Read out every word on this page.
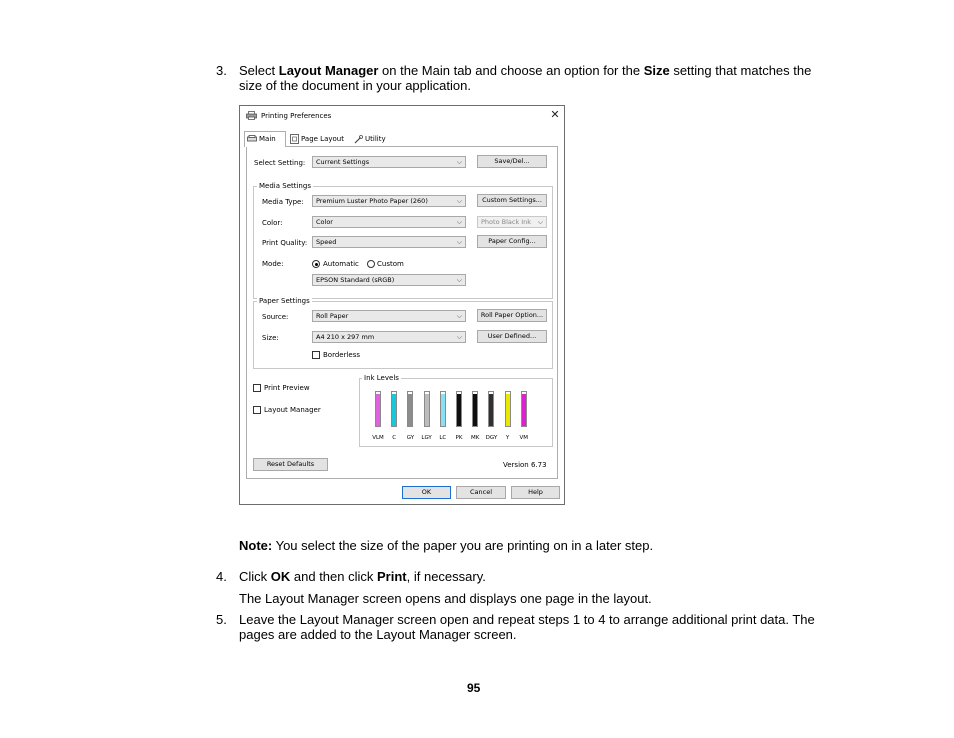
3. Select Layout Manager on the Main tab and choose an option for the Size setting that matches the
size of the document in your application.
Printing Preferences	✕
Main	Page Layout	Utility
Select Setting:	Current Settings	⌵	Save/Del...
Media Settings
Media Type:	Premium Luster Photo Paper (260)	⌵	Custom Settings...
Color:	Color	⌵	Photo Black Ink ⌵
Print Quality:	Speed	⌵	Paper Config...
Mode:	Automatic	Custom
EPSON Standard (sRGB)	⌵
Paper Settings
Source:	Roll Paper	⌵	Roll Paper Option...
Size:	A4 210 x 297 mm	⌵	User Defined...
Borderless
Print Preview
Layout Manager
Ink Levels
Reset Defaults	Version 6.73
OK	Cancel	Help
VLM	C	GY	LGY	LC	PK	MK	DGY	Y	VM
Note: You select the size of the paper you are printing on in a later step.
4. Click OK and then click Print, if necessary.
The Layout Manager screen opens and displays one page in the layout.
5. Leave the Layout Manager screen open and repeat steps 1 to 4 to arrange additional print data. The
pages are added to the Layout Manager screen.
95
